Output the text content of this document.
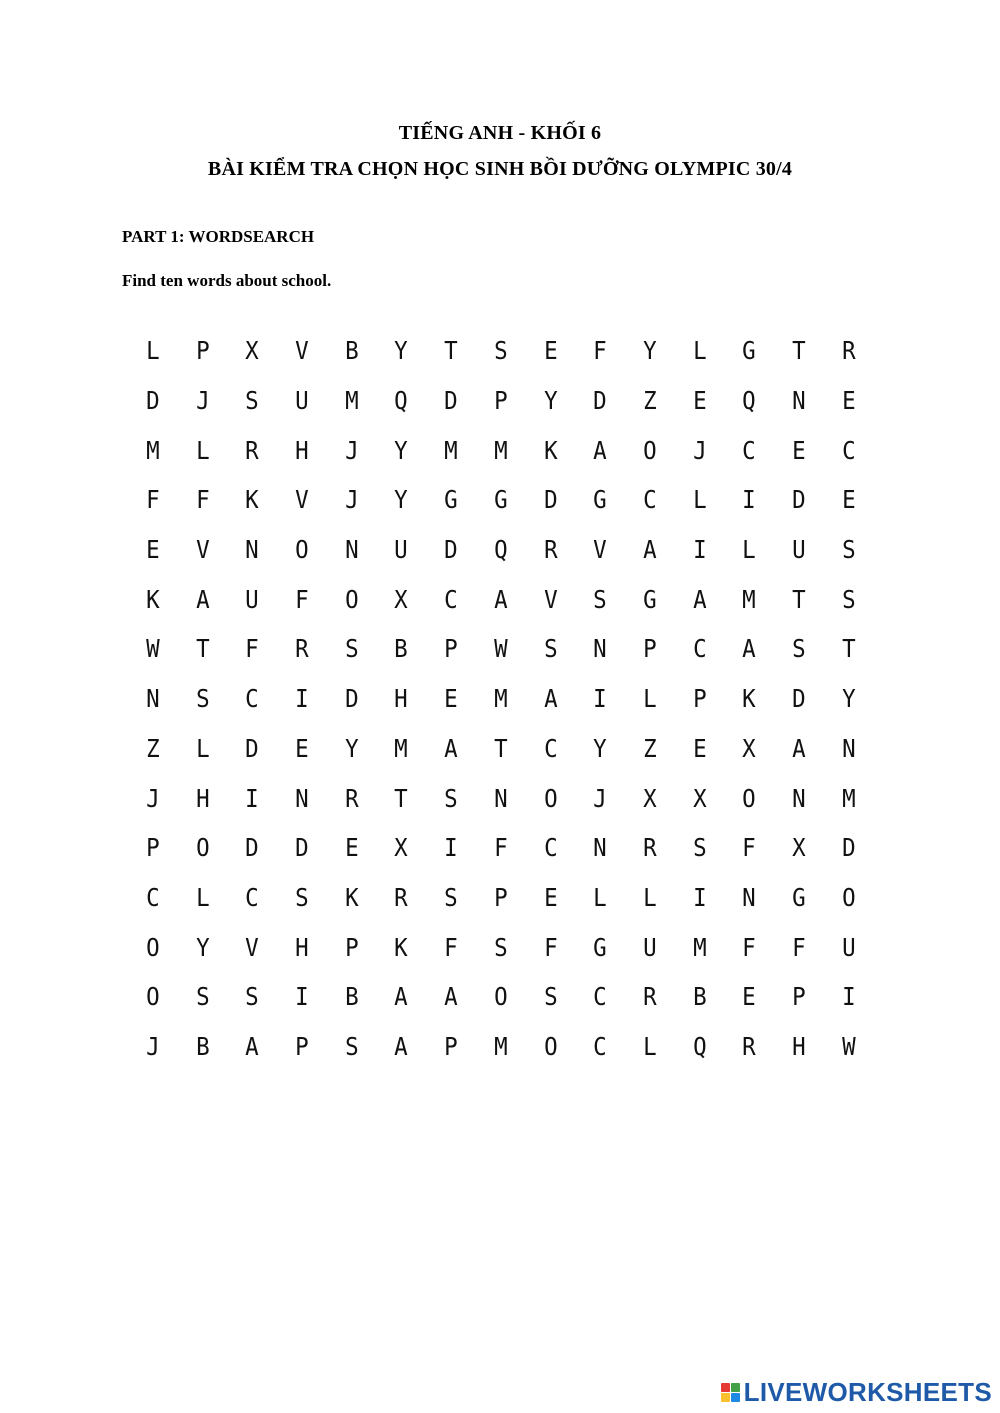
TIẾNG ANH - KHỐI 6
BÀI KIỂM TRA CHỌN HỌC SINH BỒI DƯỠNG OLYMPIC 30/4
PART 1: WORDSEARCH
Find ten words about school.
L	P	X	V	B	Y	T	S	E	F	Y	L	G	T	R
D	J	S	U	M	Q	D	P	Y	D	Z	E	Q	N	E
M	L	R	H	J	Y	M	M	K	A	O	J	C	E	C
F	F	K	V	J	Y	G	G	D	G	C	L	I	D	E
E	V	N	O	N	U	D	Q	R	V	A	I	L	U	S
K	A	U	F	O	X	C	A	V	S	G	A	M	T	S
W	T	F	R	S	B	P	W	S	N	P	C	A	S	T
N	S	C	I	D	H	E	M	A	I	L	P	K	D	Y
Z	L	D	E	Y	M	A	T	C	Y	Z	E	X	A	N
J	H	I	N	R	T	S	N	O	J	X	X	O	N	M
P	O	D	D	E	X	I	F	C	N	R	S	F	X	D
C	L	C	S	K	R	S	P	E	L	L	I	N	G	O
O	Y	V	H	P	K	F	S	F	G	U	M	F	F	U
O	S	S	I	B	A	A	O	S	C	R	B	E	P	I
J	B	A	P	S	A	P	M	O	C	L	Q	R	H	W
LIVEWORKSHEETS
